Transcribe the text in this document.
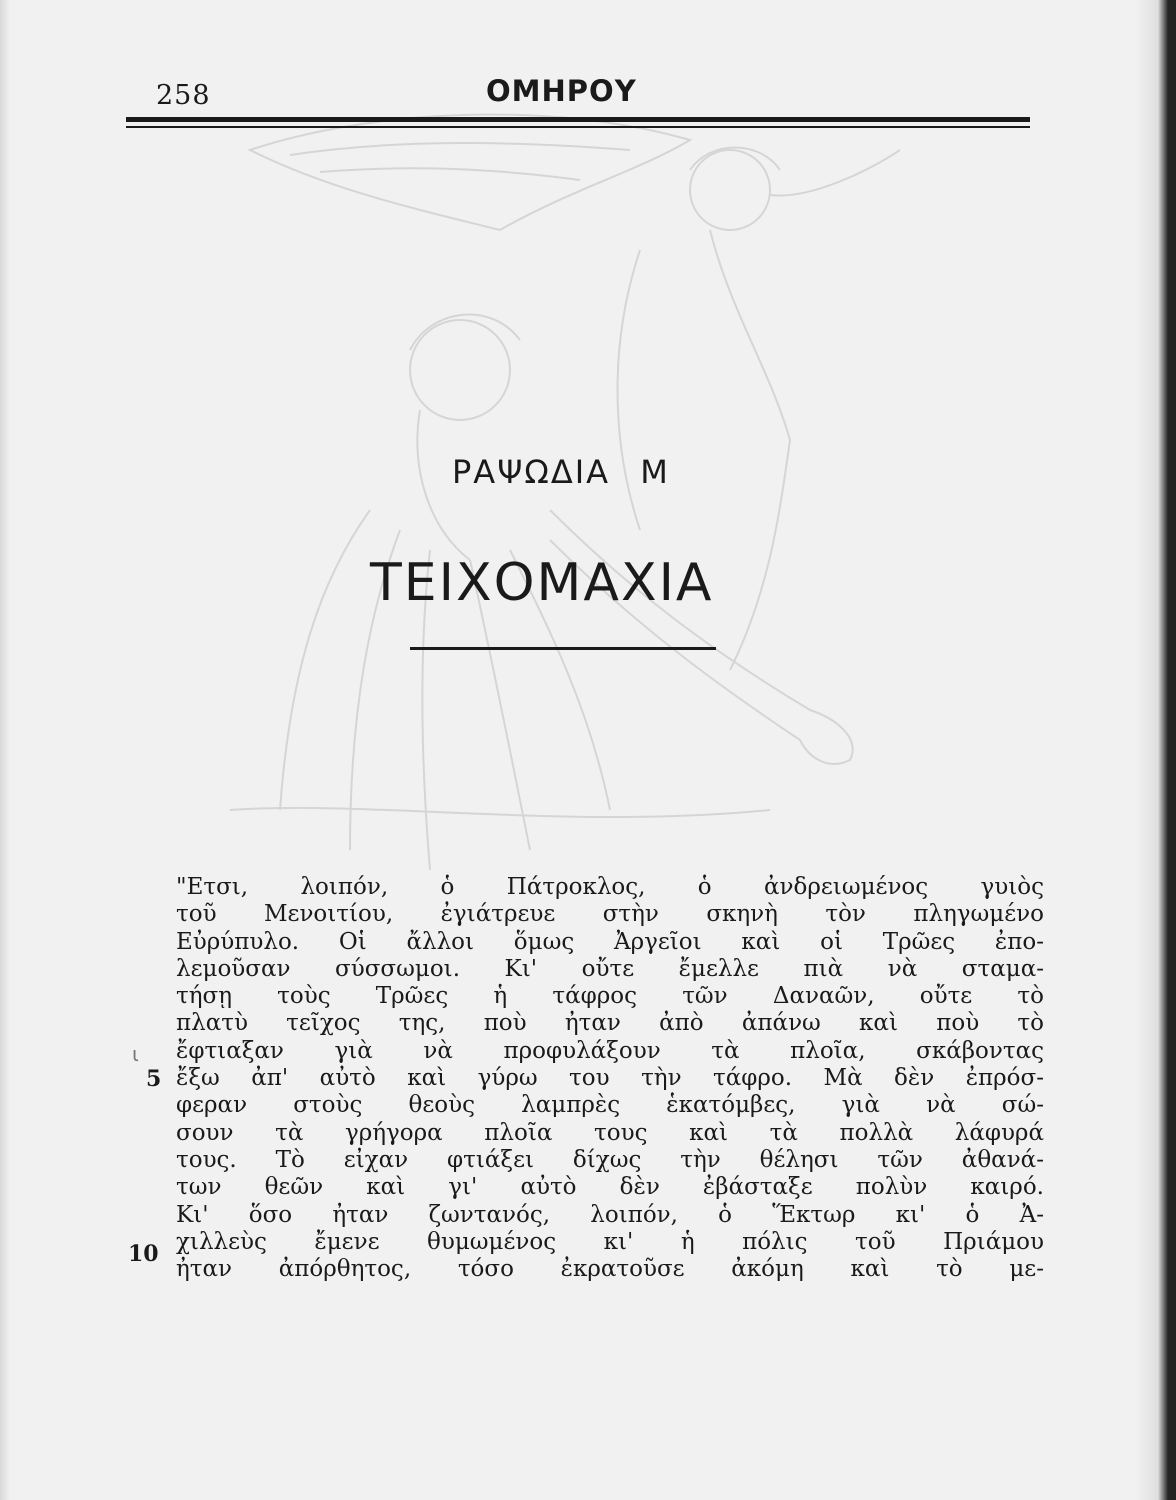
258	ΟΜΗΡΟΥ
ΡΑΨΩΔΙΑ Μ
ΤΕΙΧΟΜΑΧΙΑ
"Ετσι, λοιπόν, ὁ Πάτροκλος, ὁ ἀνδρειωμένος γυιὸς
τοῦ Μενοιτίου, ἐγιάτρευε στὴν σκηνὴ τὸν πληγωμένο
Εὐρύπυλο. Οἱ ἄλλοι ὅμως Ἀργεῖοι καὶ οἱ Τρῶες ἐπο-
λεμοῦσαν σύσσωμοι. Κι' οὔτε ἔμελλε πιὰ νὰ σταμα-
τήσῃ τοὺς Τρῶες ἡ τάφρος τῶν Δαναῶν, οὔτε τὸ
πλατὺ τεῖχος της, ποὺ ἦταν ἀπὸ ἀπάνω καὶ ποὺ τὸ
ἔφτιαξαν γιὰ νὰ προφυλάξουν τὰ πλοῖα, σκάβοντας
ἔξω ἀπ' αὐτὸ καὶ γύρω του τὴν τάφρο. Μὰ δὲν ἐπρόσ-
φεραν στοὺς θεοὺς λαμπρὲς ἑκατόμβες, γιὰ νὰ σώ-
σουν τὰ γρήγορα πλοῖα τους καὶ τὰ πολλὰ λάφυρά
τους. Τὸ εἶχαν φτιάξει δίχως τὴν θέλησι τῶν ἀθανά-
των θεῶν καὶ γι' αὐτὸ δὲν ἐβάσταξε πολὺν καιρό.
Κι' ὅσο ἦταν ζωντανός, λοιπόν, ὁ Ἕκτωρ κι' ὁ Ἀ-
χιλλεὺς ἔμενε θυμωμένος κι' ἡ πόλις τοῦ Πριάμου
ἦταν ἀπόρθητος, τόσο ἐκρατοῦσε ἀκόμη καὶ τὸ με-
ι
5
10
